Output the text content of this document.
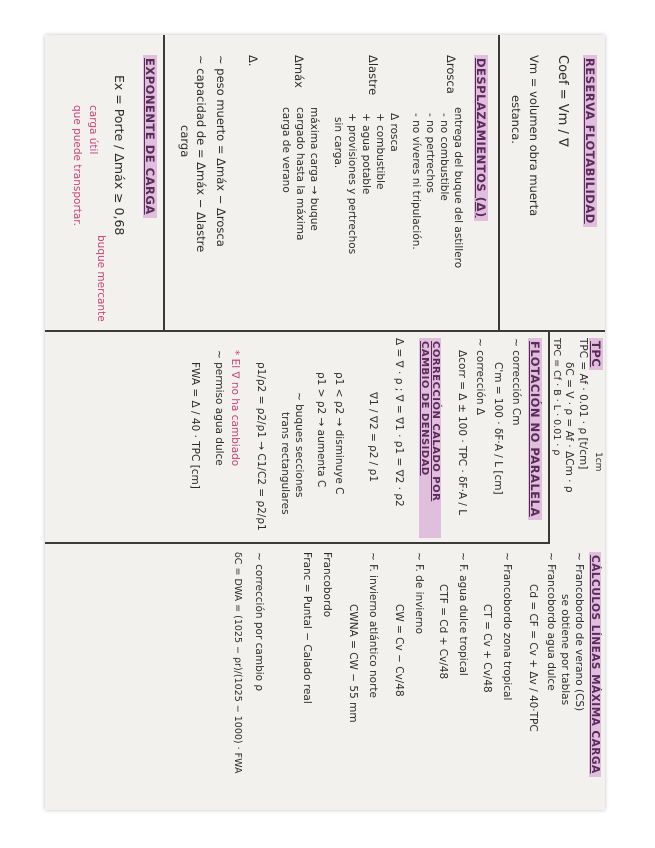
RESERVA FLOTABILIDAD
Coef = Vm / ∇
Vm = volumen obra muerta
estanca.
DESPLAZAMIENTOS (Δ)
Δrosca
entrega del buque del astillero
- no combustible
- no pertrechos
- no víveres ni tripulación.
Δlastre
Δ rosca
+ combustible
+ agua potable
+ provisiones y pertrechos
sin carga.
Δmáx
máxima carga → buque
cargado hasta la máxima
carga de verano
Δ.
~ peso muerto = Δmáx − Δrosca
~ capacidad de = Δmáx − Δlastre
carga
EXPONENTE DE CARGA
Ex = Porte / Δmáx ≥ 0,68
buque mercante
carga útil
que puede transportar.
TPC
1cm
TPC = Af · 0.01 · ρ [t/cm]
δC = V · ρ = Af · ΔCm · ρ
TPC = Cf · B · L · 0.01 · ρ
FLOTACIÓN NO PARALELA
~ corrección Cm
C'm = 100 · δF·A / L [cm]
~ corrección Δ
Δcorr = Δ ± 100 · TPC · δF·A / L
CORRECCIÓN CALADO POR CAMBIO DE DENSIDAD
Δ = ∇ · ρ ; ∇ = ∇1 · ρ1 = ∇2 · ρ2
∇1 / ∇2 = ρ2 / ρ1
ρ1 < ρ2 → disminuye C
ρ1 > ρ2 → aumenta C
~ buques secciones
trans rectangulares
ρ1/ρ2 = ρ2/ρ1 → C1/C2 = ρ2/ρ1
* El ∇ no ha cambiado
~ permiso agua dulce
FWA = Δ / 40 · TPC [cm]
CÁLCULOS LÍNEAS MÁXIMA CARGA
~ Francobordo de verano (CS)
se obtiene por tablas
~ Francobordo agua dulce
Cd = CF = Cv + Δv / 40·TPC
~ Francobordo zona tropical
CT = Cv + Cv/48
~ F. agua dulce tropical
CTF = Cd + Cv/48
~ F. de invierno
CW = Cv − Cv/48
~ F. invierno atlántico norte
CWNA = CW − 55 mm
Francobordo
Franc = Puntal − Calado real
~ corrección por cambio ρ
δC = DWA = (1025 − ρr)/(1025 − 1000) · FWA
